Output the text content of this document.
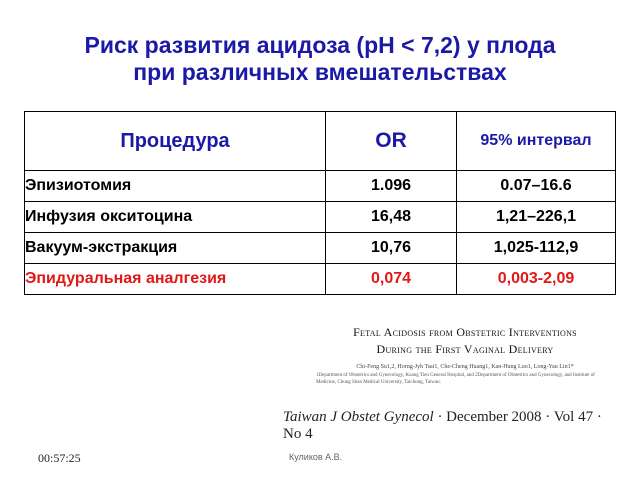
Риск развития ацидоза (рН < 7,2) у плода
при различных вмешательствах
Процедура	OR	95% интервал
Эпизиотомия	1.096	0.07–16.6
Инфузия окситоцина	16,48	1,21–226,1
Вакуум-экстракция	10,76	1,025-112,9
Эпидуральная аналгезия	0,074	0,003-2,09
Fetal Acidosis from Obstetric Interventions
During the First Vaginal Delivery
Chi-Feng Su1,2, Horng-Jyh Tsai1, Che-Cheng Huang1, Kan-Hung Luo1, Long-Yau Lin1*
1Department of Obstetrics and Gynecology, Kuang Tien General Hospital, and 2Department of Obstetrics and Gynecology, and Institute of Medicine, Chung Shan Medical University, Taichung, Taiwan.
Taiwan J Obstet Gynecol · December 2008 · Vol 47 · No 4
00:57:25	Куликов А.В.
